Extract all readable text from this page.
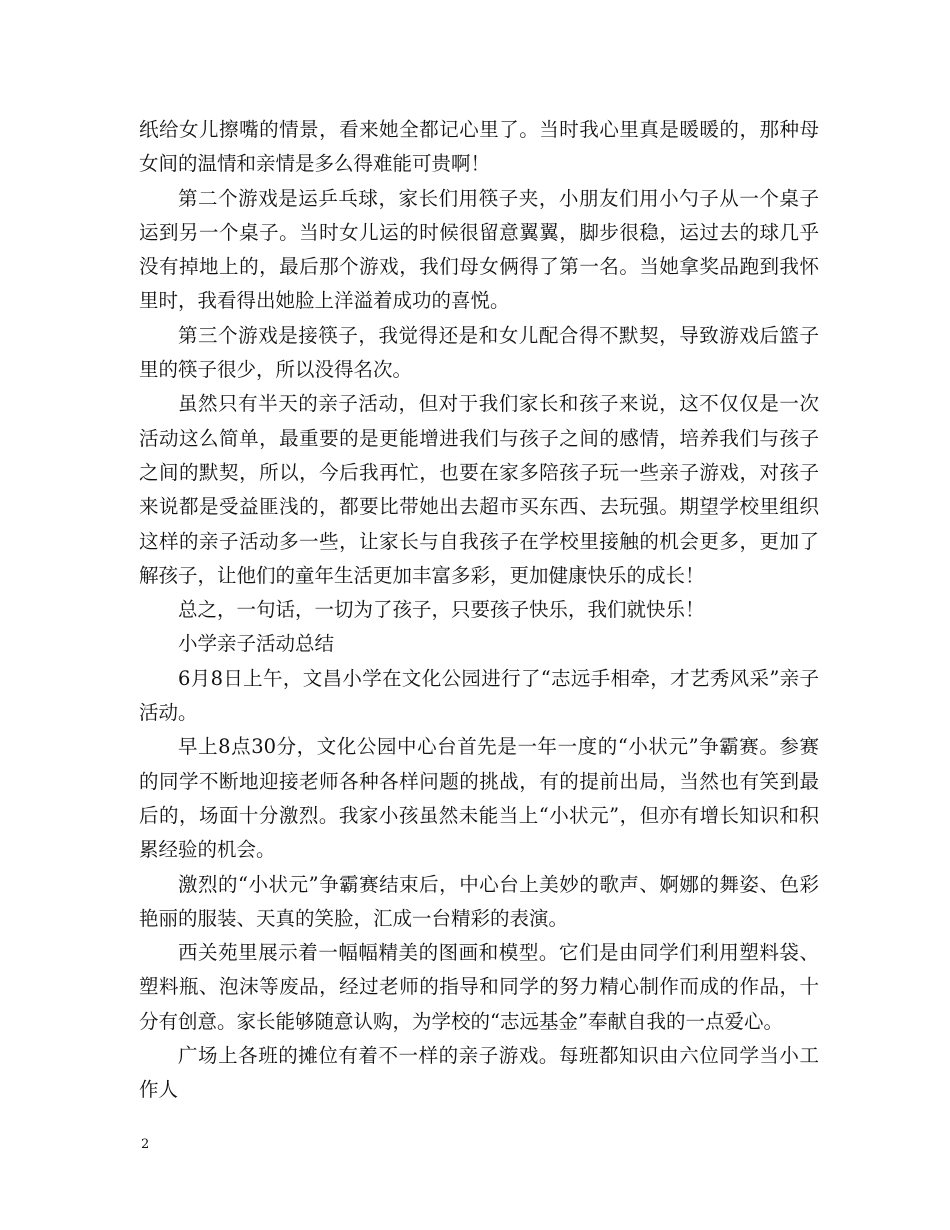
纸给女儿擦嘴的情景，看来她全都记心里了。当时我心里真是暖暖的，那种母女间的温情和亲情是多么得难能可贵啊！

第二个游戏是运乒乓球，家长们用筷子夹，小朋友们用小勺子从一个桌子运到另一个桌子。当时女儿运的时候很留意翼翼，脚步很稳，运过去的球几乎没有掉地上的，最后那个游戏，我们母女俩得了第一名。当她拿奖品跑到我怀里时，我看得出她脸上洋溢着成功的喜悦。

第三个游戏是接筷子，我觉得还是和女儿配合得不默契，导致游戏后篮子里的筷子很少，所以没得名次。

虽然只有半天的亲子活动，但对于我们家长和孩子来说，这不仅仅是一次活动这么简单，最重要的是更能增进我们与孩子之间的感情，培养我们与孩子之间的默契，所以，今后我再忙，也要在家多陪孩子玩一些亲子游戏，对孩子来说都是受益匪浅的，都要比带她出去超市买东西、去玩强。期望学校里组织这样的亲子活动多一些，让家长与自我孩子在学校里接触的机会更多，更加了解孩子，让他们的童年生活更加丰富多彩，更加健康快乐的成长！

总之，一句话，一切为了孩子，只要孩子快乐，我们就快乐！

小学亲子活动总结

6月8日上午，文昌小学在文化公园进行了“志远手相牵，才艺秀风采”亲子活动。

早上8点30分，文化公园中心台首先是一年一度的“小状元”争霸赛。参赛的同学不断地迎接老师各种各样问题的挑战，有的提前出局，当然也有笑到最后的，场面十分激烈。我家小孩虽然未能当上“小状元”，但亦有增长知识和积累经验的机会。

激烈的“小状元”争霸赛结束后，中心台上美妙的歌声、婀娜的舞姿、色彩艳丽的服装、天真的笑脸，汇成一台精彩的表演。

西关苑里展示着一幅幅精美的图画和模型。它们是由同学们利用塑料袋、塑料瓶、泡沫等废品，经过老师的指导和同学的努力精心制作而成的作品，十分有创意。家长能够随意认购，为学校的“志远基金”奉献自我的一点爱心。

广场上各班的摊位有着不一样的亲子游戏。每班都知识由六位同学当小工作人

2
